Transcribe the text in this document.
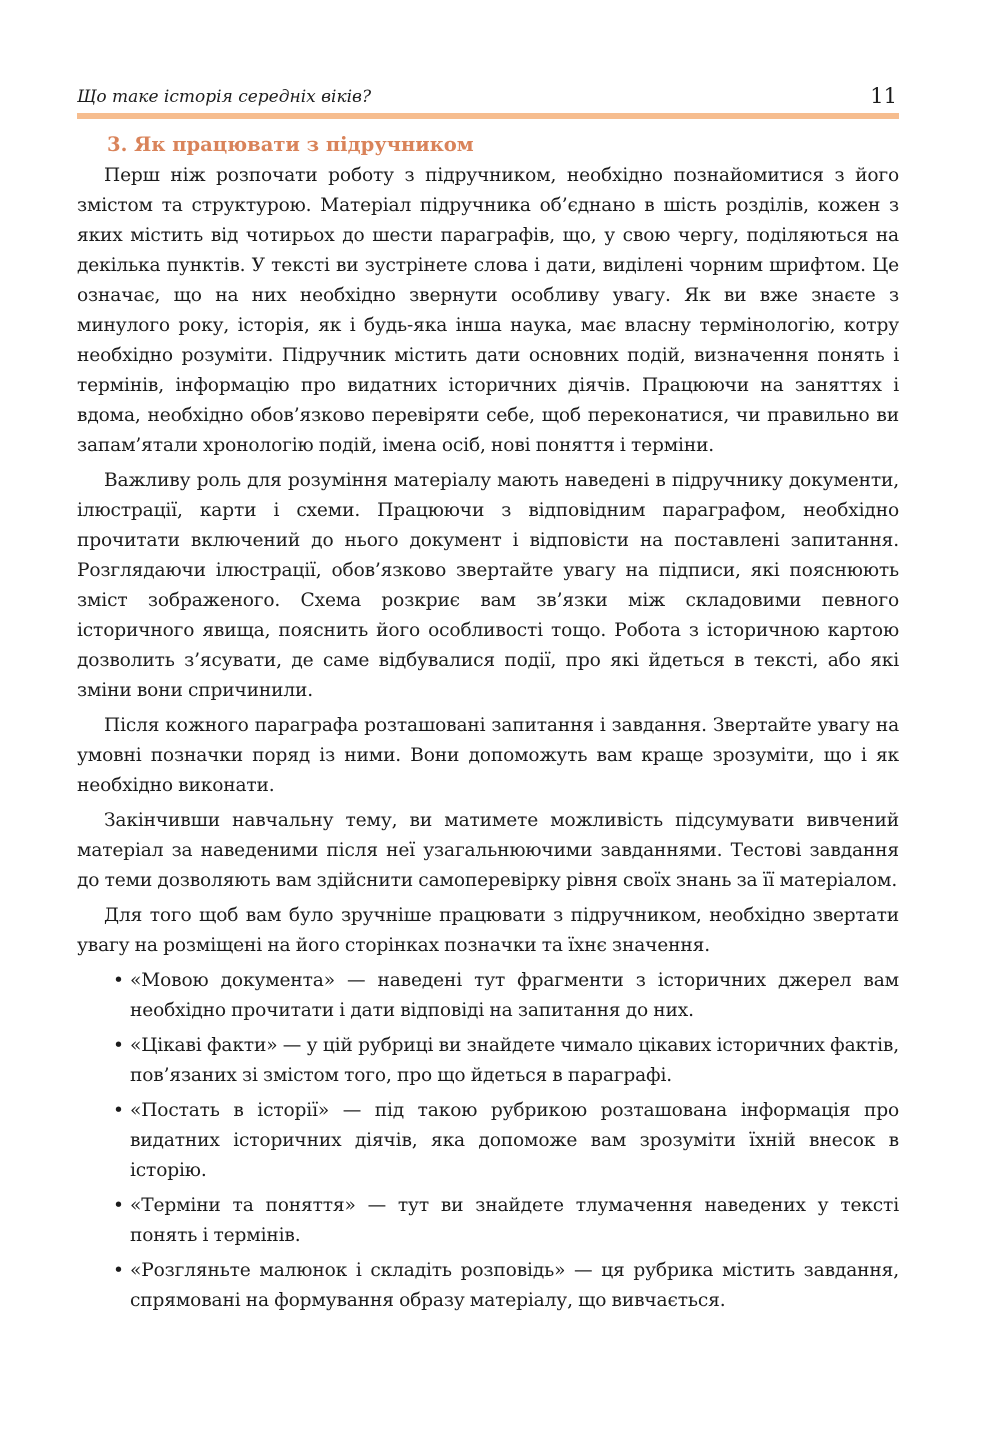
Що таке історія середніх віків?	11
3. Як працювати з підручником

Перш ніж розпочати роботу з підручником, необхідно познайомитися з його змістом та структурою. Матеріал підручника об’єднано в шість розділів, кожен з яких містить від чотирьох до шести параграфів, що, у свою чергу, поділяються на декілька пунктів. У тексті ви зустрінете слова і дати, виділені чорним шрифтом. Це означає, що на них необхідно звернути особливу увагу. Як ви вже знаєте з минулого року, історія, як і будь-яка інша наука, має власну термінологію, котру необхідно розуміти. Підручник містить дати основних подій, визначення понять і термінів, інформацію про видатних історичних діячів. Працюючи на заняттях і вдома, необхідно обов’язково перевіряти себе, щоб переконатися, чи правильно ви запам’ятали хронологію подій, імена осіб, нові поняття і терміни.

Важливу роль для розуміння матеріалу мають наведені в підручнику документи, ілюстрації, карти і схеми. Працюючи з відповідним параграфом, необхідно прочитати включений до нього документ і відповісти на поставлені запитання. Розглядаючи ілюстрації, обов’язково звертайте увагу на підписи, які пояснюють зміст зображеного. Схема розкриє вам зв’язки між складовими певного історичного явища, пояснить його особливості тощо. Робота з історичною картою дозволить з’ясувати, де саме відбувалися події, про які йдеться в тексті, або які зміни вони спричинили.

Після кожного параграфа розташовані запитання і завдання. Звертайте увагу на умовні позначки поряд із ними. Вони допоможуть вам краще зрозуміти, що і як необхідно виконати.

Закінчивши навчальну тему, ви матимете можливість підсумувати вивчений матеріал за наведеними після неї узагальнюючими завданнями. Тестові завдання до теми дозволяють вам здійснити самоперевірку рівня своїх знань за її матеріалом.

Для того щоб вам було зручніше працювати з підручником, необхідно звертати увагу на розміщені на його сторінках позначки та їхнє значення.

• «Мовою документа» — наведені тут фрагменти з історичних джерел вам необхідно прочитати і дати відповіді на запитання до них.
• «Цікаві факти» — у цій рубриці ви знайдете чимало цікавих історичних фактів, пов’язаних зі змістом того, про що йдеться в параграфі.
• «Постать в історії» — під такою рубрикою розташована інформація про видатних історичних діячів, яка допоможе вам зрозуміти їхній внесок в історію.
• «Терміни та поняття» — тут ви знайдете тлумачення наведених у тексті понять і термінів.
• «Розгляньте малюнок і складіть розповідь» — ця рубрика містить завдання, спрямовані на формування образу матеріалу, що вивчається.
